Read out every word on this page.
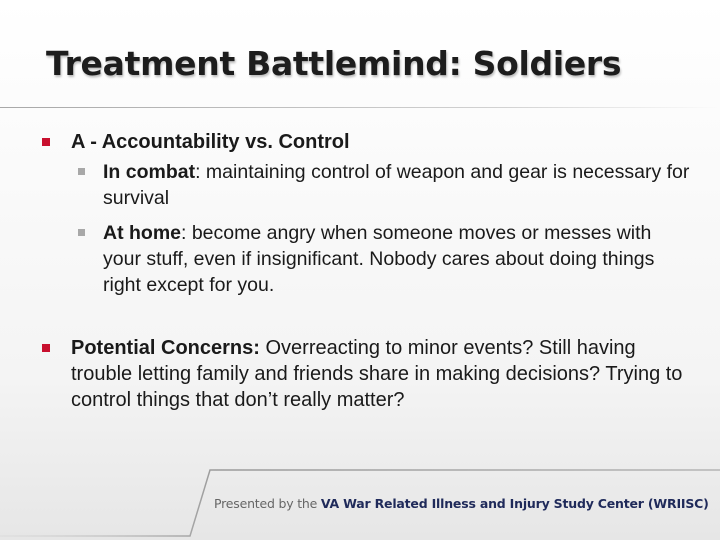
Treatment Battlemind: Soldiers
A - Accountability vs. Control
In combat: maintaining control of weapon and gear is necessary for survival
At home: become angry when someone moves or messes with your stuff, even if insignificant. Nobody cares about doing things right except for you.
Potential Concerns: Overreacting to minor events? Still having trouble letting family and friends share in making decisions? Trying to control things that don’t really matter?
Presented by the VA War Related Illness and Injury Study Center (WRIISC)
